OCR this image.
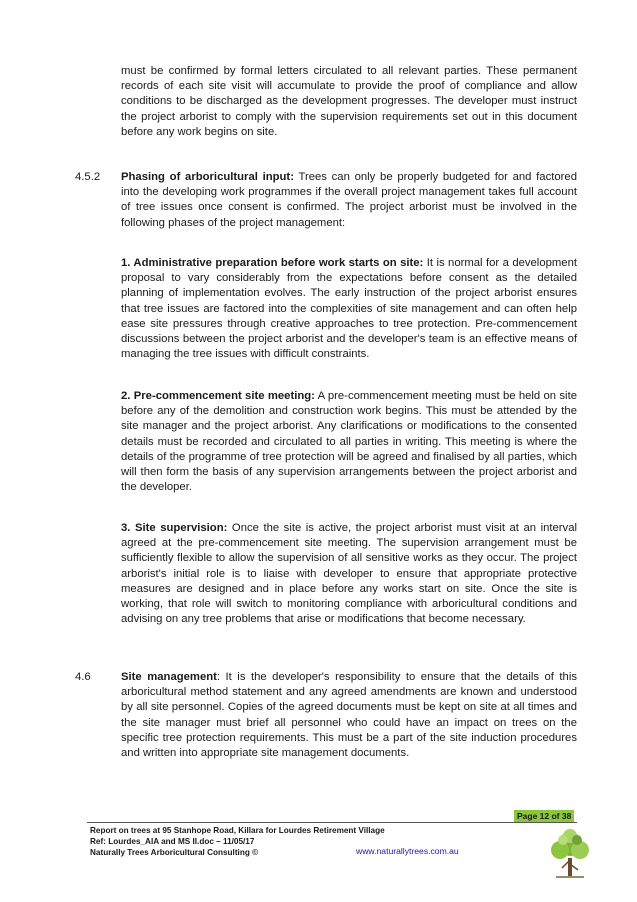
must be confirmed by formal letters circulated to all relevant parties. These permanent records of each site visit will accumulate to provide the proof of compliance and allow conditions to be discharged as the development progresses. The developer must instruct the project arborist to comply with the supervision requirements set out in this document before any work begins on site.

4.5.2 Phasing of arboricultural input: Trees can only be properly budgeted for and factored into the developing work programmes if the overall project management takes full account of tree issues once consent is confirmed. The project arborist must be involved in the following phases of the project management:

1. Administrative preparation before work starts on site: It is normal for a development proposal to vary considerably from the expectations before consent as the detailed planning of implementation evolves. The early instruction of the project arborist ensures that tree issues are factored into the complexities of site management and can often help ease site pressures through creative approaches to tree protection. Pre-commencement discussions between the project arborist and the developer's team is an effective means of managing the tree issues with difficult constraints.

2. Pre-commencement site meeting: A pre-commencement meeting must be held on site before any of the demolition and construction work begins. This must be attended by the site manager and the project arborist. Any clarifications or modifications to the consented details must be recorded and circulated to all parties in writing. This meeting is where the details of the programme of tree protection will be agreed and finalised by all parties, which will then form the basis of any supervision arrangements between the project arborist and the developer.

3. Site supervision: Once the site is active, the project arborist must visit at an interval agreed at the pre-commencement site meeting. The supervision arrangement must be sufficiently flexible to allow the supervision of all sensitive works as they occur. The project arborist's initial role is to liaise with developer to ensure that appropriate protective measures are designed and in place before any works start on site. Once the site is working, that role will switch to monitoring compliance with arboricultural conditions and advising on any tree problems that arise or modifications that become necessary.

4.6	Site management: It is the developer's responsibility to ensure that the details of this arboricultural method statement and any agreed amendments are known and understood by all site personnel. Copies of the agreed documents must be kept on site at all times and the site manager must brief all personnel who could have an impact on trees on the specific tree protection requirements. This must be a part of the site induction procedures and written into appropriate site management documents.

Page 12 of 38

Report on trees at 95 Stanhope Road, Killara for Lourdes Retirement Village

Ref: Lourdes_AIA and MS II.doc – 11/05/17

Naturally Trees Arboricultural Consulting ©	www.naturallytrees.com.au
